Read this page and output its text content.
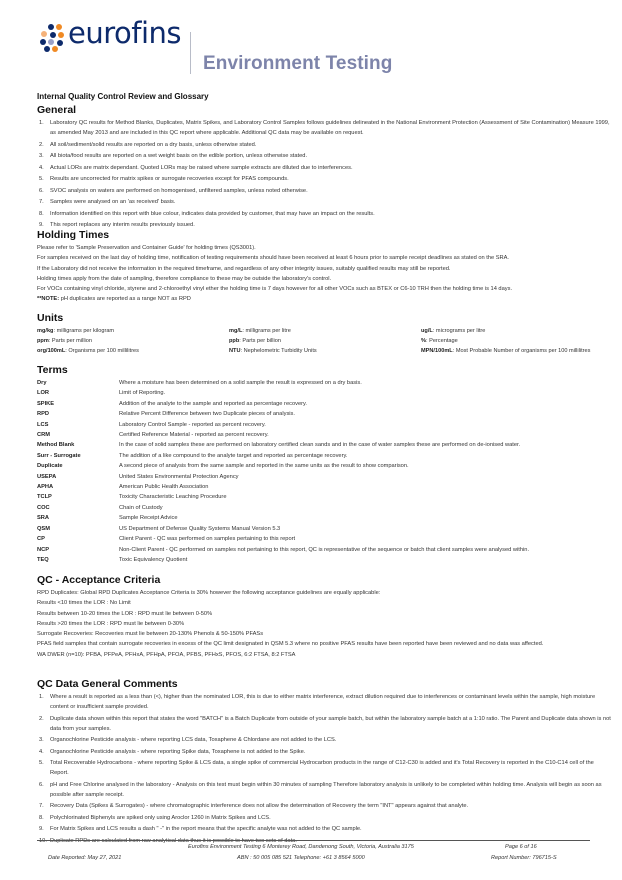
eurofins
Environment Testing
Internal Quality Control Review and Glossary
General
1. Laboratory QC results for Method Blanks, Duplicates, Matrix Spikes, and Laboratory Control Samples follows guidelines delineated in the National Environment Protection (Assessment of Site Contamination) Measure 1999, as amended May 2013 and are included in this QC report where applicable. Additional QC data may be available on request.
2. All soil/sediment/solid results are reported on a dry basis, unless otherwise stated.
3. All biota/food results are reported on a wet weight basis on the edible portion, unless otherwise stated.
4. Actual LORs are matrix dependant. Quoted LORs may be raised where sample extracts are diluted due to interferences.
5. Results are uncorrected for matrix spikes or surrogate recoveries except for PFAS compounds.
6. SVOC analysis on waters are performed on homogenised, unfiltered samples, unless noted otherwise.
7. Samples were analysed on an 'as received' basis.
8. Information identified on this report with blue colour, indicates data provided by customer, that may have an impact on the results.
9. This report replaces any interim results previously issued.
Holding Times
Please refer to 'Sample Preservation and Container Guide' for holding times (QS3001).
For samples received on the last day of holding time, notification of testing requirements should have been received at least 6 hours prior to sample receipt deadlines as stated on the SRA.
If the Laboratory did not receive the information in the required timeframe, and regardless of any other integrity issues, suitably qualified results may still be reported.
Holding times apply from the date of sampling, therefore compliance to these may be outside the laboratory's control.
For VOCs containing vinyl chloride, styrene and 2-chloroethyl vinyl ether the holding time is 7 days however for all other VOCs such as BTEX or C6-10 TRH then the holding time is 14 days.
**NOTE: pH duplicates are reported as a range NOT as RPD
Units
mg/kg: milligrams per kilogram	mg/L: milligrams per litre	ug/L: micrograms per litre
ppm: Parts per million	ppb: Parts per billion	%: Percentage
org/100mL: Organisms per 100 millilitres	NTU: Nephelometric Turbidity Units	MPN/100mL: Most Probable Number of organisms per 100 millilitres
Terms
Dry	Where a moisture has been determined on a solid sample the result is expressed on a dry basis.
LOR	Limit of Reporting.
SPIKE	Addition of the analyte to the sample and reported as percentage recovery.
RPD	Relative Percent Difference between two Duplicate pieces of analysis.
LCS	Laboratory Control Sample - reported as percent recovery.
CRM	Certified Reference Material - reported as percent recovery.
Method Blank	In the case of solid samples these are performed on laboratory certified clean sands and in the case of water samples these are performed on de-ionised water.
Surr - Surrogate	The addition of a like compound to the analyte target and reported as percentage recovery.
Duplicate	A second piece of analysis from the same sample and reported in the same units as the result to show comparison.
USEPA	United States Environmental Protection Agency
APHA	American Public Health Association
TCLP	Toxicity Characteristic Leaching Procedure
COC	Chain of Custody
SRA	Sample Receipt Advice
QSM	US Department of Defense Quality Systems Manual Version 5.3
CP	Client Parent - QC was performed on samples pertaining to this report
NCP	Non-Client Parent - QC performed on samples not pertaining to this report, QC is representative of the sequence or batch that client samples were analysed within.
TEQ	Toxic Equivalency Quotient
QC - Acceptance Criteria
RPD Duplicates: Global RPD Duplicates Acceptance Criteria is 30% however the following acceptance guidelines are equally applicable:
Results <10 times the LOR : No Limit
Results between 10-20 times the LOR : RPD must lie between 0-50%
Results >20 times the LOR : RPD must lie between 0-30%
Surrogate Recoveries: Recoveries must lie between 20-130% Phenols & 50-150% PFASs
PFAS field samples that contain surrogate recoveries in excess of the QC limit designated in QSM 5.3 where no positive PFAS results have been reported have been reviewed and no data was affected.
WA DWER (n=10): PFBA, PFPeA, PFHxA, PFHpA, PFOA, PFBS, PFHxS, PFOS, 6:2 FTSA, 8:2 FTSA
QC Data General Comments
1. Where a result is reported as a less than (<), higher than the nominated LOR, this is due to either matrix interference, extract dilution required due to interferences or contaminant levels within the sample, high moisture content or insufficient sample provided.
2. Duplicate data shown within this report that states the word "BATCH" is a Batch Duplicate from outside of your sample batch, but within the laboratory sample batch at a 1:10 ratio. The Parent and Duplicate data shown is not data from your samples.
3. Organochlorine Pesticide analysis - where reporting LCS data, Toxaphene & Chlordane are not added to the LCS.
4. Organochlorine Pesticide analysis - where reporting Spike data, Toxaphene is not added to the Spike.
5. Total Recoverable Hydrocarbons - where reporting Spike & LCS data, a single spike of commercial Hydrocarbon products in the range of C12-C30 is added and it's Total Recovery is reported in the C10-C14 cell of the Report.
6. pH and Free Chlorine analysed in the laboratory - Analysis on this test must begin within 30 minutes of sampling Therefore laboratory analysis is unlikely to be completed within holding time. Analysis will begin as soon as possible after sample receipt.
7. Recovery Data (Spikes & Surrogates) - where chromatographic interference does not allow the determination of Recovery the term "INT" appears against that analyte.
8. Polychlorinated Biphenyls are spiked only using Aroclor 1260 in Matrix Spikes and LCS.
9. For Matrix Spikes and LCS results a dash " -" in the report means that the specific analyte was not added to the QC sample.
Eurofins Environment Testing 6 Monterey Road, Dandenong South, Victoria, Australia 3175	Page 6 of 16
Date Reported: May 27, 2021	ABN : 50 005 085 521 Telephone: +61 3 8564 5000	Report Number: 796715-S
